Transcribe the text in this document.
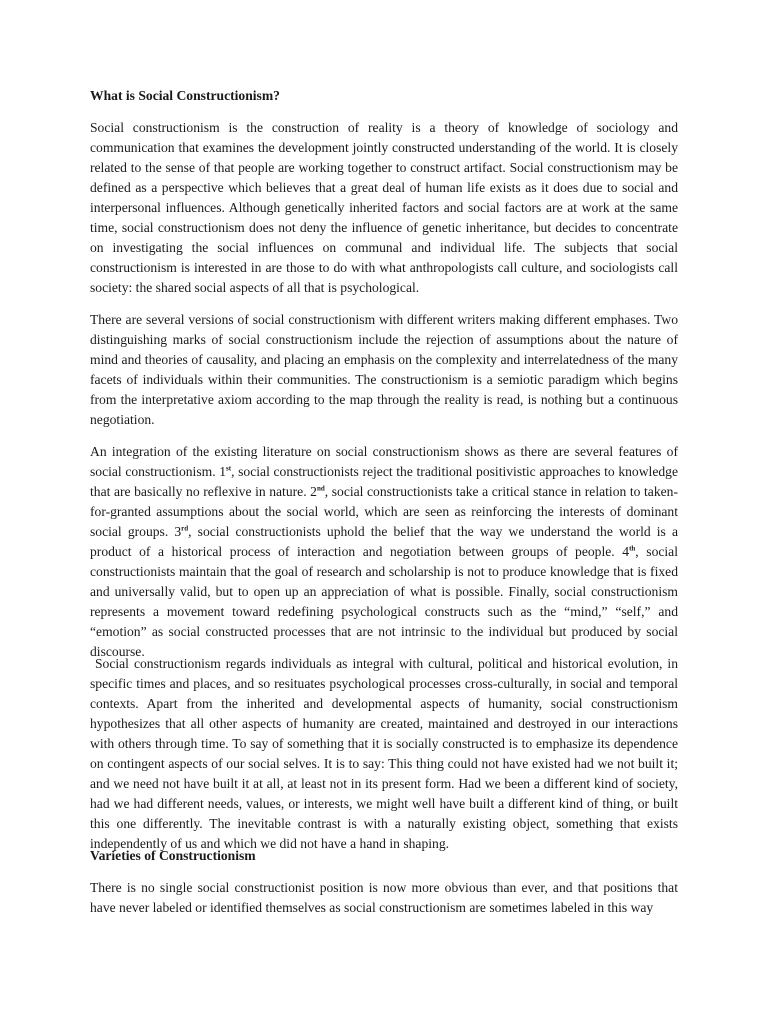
What is Social Constructionism?
Social constructionism is the construction of reality is a theory of knowledge of sociology and communication that examines the development jointly constructed understanding of the world. It is closely related to the sense of that people are working together to construct artifact. Social constructionism may be defined as a perspective which believes that a great deal of human life exists as it does due to social and interpersonal influences. Although genetically inherited factors and social factors are at work at the same time, social constructionism does not deny the influence of genetic inheritance, but decides to concentrate on investigating the social influences on communal and individual life. The subjects that social constructionism is interested in are those to do with what anthropologists call culture, and sociologists call society: the shared social aspects of all that is psychological.
There are several versions of social constructionism with different writers making different emphases. Two distinguishing marks of social constructionism include the rejection of assumptions about the nature of mind and theories of causality, and placing an emphasis on the complexity and interrelatedness of the many facets of individuals within their communities. The constructionism is a semiotic paradigm which begins from the interpretative axiom according to the map through the reality is read, is nothing but a continuous negotiation.
An integration of the existing literature on social constructionism shows as there are several features of social constructionism. 1st, social constructionists reject the traditional positivistic approaches to knowledge that are basically no reflexive in nature. 2nd, social constructionists take a critical stance in relation to taken-for-granted assumptions about the social world, which are seen as reinforcing the interests of dominant social groups. 3rd, social constructionists uphold the belief that the way we understand the world is a product of a historical process of interaction and negotiation between groups of people. 4th, social constructionists maintain that the goal of research and scholarship is not to produce knowledge that is fixed and universally valid, but to open up an appreciation of what is possible. Finally, social constructionism represents a movement toward redefining psychological constructs such as the “mind,” “self,” and “emotion” as social constructed processes that are not intrinsic to the individual but produced by social discourse.
Social constructionism regards individuals as integral with cultural, political and historical evolution, in specific times and places, and so resituates psychological processes cross-culturally, in social and temporal contexts. Apart from the inherited and developmental aspects of humanity, social constructionism hypothesizes that all other aspects of humanity are created, maintained and destroyed in our interactions with others through time. To say of something that it is socially constructed is to emphasize its dependence on contingent aspects of our social selves. It is to say: This thing could not have existed had we not built it; and we need not have built it at all, at least not in its present form. Had we been a different kind of society, had we had different needs, values, or interests, we might well have built a different kind of thing, or built this one differently. The inevitable contrast is with a naturally existing object, something that exists independently of us and which we did not have a hand in shaping.
Varieties of Constructionism
There is no single social constructionist position is now more obvious than ever, and that positions that have never labeled or identified themselves as social constructionism are sometimes labeled in this way
